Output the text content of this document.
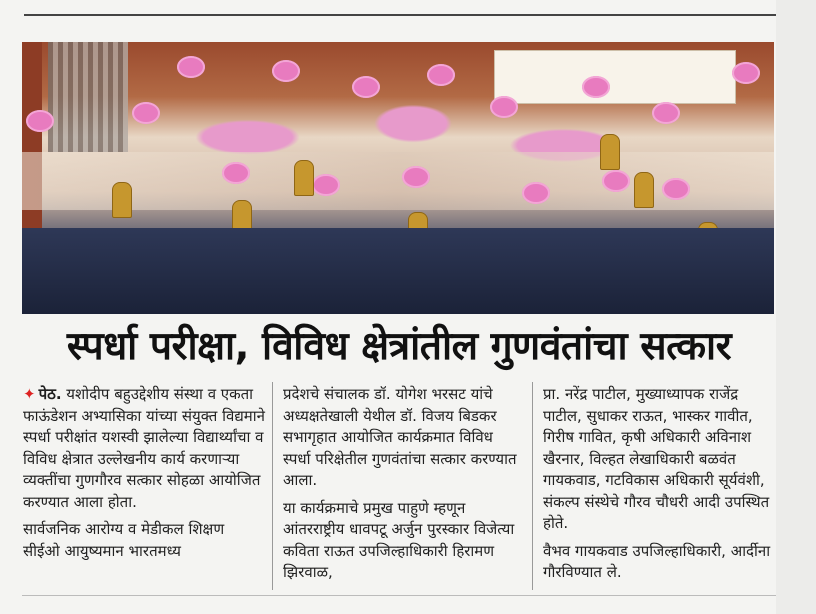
स्पर्धा परीक्षा, विविध क्षेत्रांतील गुणवंतांचा सत्कार

✦ पेठ. यशोदीप बहुउद्देशीय संस्था व एकता फाऊंडेशन अभ्यासिका यांच्या संयुक्त विद्यमाने स्पर्धा परीक्षांत यशस्वी झालेल्या विद्यार्थ्यांचा व विविध क्षेत्रात उल्लेखनीय कार्य करणाऱ्या व्यक्तींचा गुणगौरव सत्कार सोहळा आयोजित करण्यात आला होता.

सार्वजनिक आरोग्य व मेडीकल शिक्षण सीईओ आयुष्यमान भारतमध्य

प्रदेशचे संचालक डॉ. योगेश भरसट यांचे अध्यक्षतेखाली येथील डॉ. विजय बिडकर सभागृहात आयोजित कार्यक्रमात विविध स्पर्धा परिक्षेतील गुणवंतांचा सत्कार करण्यात आला.

या कार्यक्रमाचे प्रमुख पाहुणे म्हणून आंतरराष्ट्रीय धावपटू अर्जुन पुरस्कार विजेत्या कविता राऊत उपजिल्हाधिकारी हिरामण झिरवाळ,

प्रा. नरेंद्र पाटील, मुख्याध्यापक राजेंद्र पाटील, सुधाकर राऊत, भास्कर गावीत, गिरीष गावित, कृषी अधिकारी अविनाश खैरनार, विल्हत लेखाधिकारी बळवंत गायकवाड, गटविकास अधिकारी सूर्यवंशी, संकल्प संस्थेचे गौरव चौधरी आदी उपस्थित होते.

वैभव गायकवाड उपजिल्हाधिकारी, आर्दीना गौरविण्यात ले.
